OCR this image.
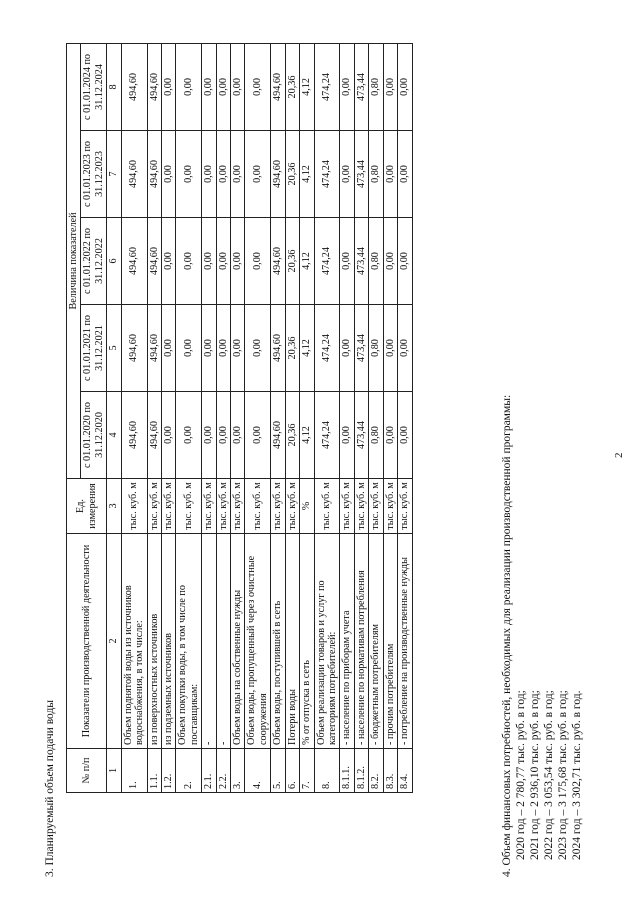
2
3. Планируемый объем подачи воды № п/п	Показатели производственной деятельности	Ед. измерения	Величина показателей				
			с 01.01.2020 по 31.12.2020	с 01.01.2021 по 31.12.2021	с 01.01.2022 по 31.12.2022	с 01.01.2023 по 31.12.2023	с 01.01.2024 по 31.12.2024
1	2	3	4	5	6	7	8
1.	Объем поднятой воды из источников водоснабжения, в том числе:	тыс. куб. м	494,60	494,60	494,60	494,60	494,60
1.1.	из поверхностных источников	тыс. куб. м	494,60	494,60	494,60	494,60	494,60
1.2.	из подземных источников	тыс. куб. м	0,00	0,00	0,00	0,00	0,00
2.	Объем покупки воды, в том числе по поставщикам:	тыс. куб. м	0,00	0,00	0,00	0,00	0,00
2.1.	-	тыс. куб. м	0,00	0,00	0,00	0,00	0,00
2.2.	-	тыс. куб. м	0,00	0,00	0,00	0,00	0,00
3.	Объем воды на собственные нужды	тыс. куб. м	0,00	0,00	0,00	0,00	0,00
4.	Объем воды, пропущенный через очистные сооружения	тыс. куб. м	0,00	0,00	0,00	0,00	0,00
5.	Объем воды, поступившей в сеть	тыс. куб. м	494,60	494,60	494,60	494,60	494,60
6.	Потери воды	тыс. куб. м	20,36	20,36	20,36	20,36	20,36
7.	% от отпуска в сеть	%	4,12	4,12	4,12	4,12	4,12
8.	Объем реализации товаров и услуг по категориям потребителей:	тыс. куб. м	474,24	474,24	474,24	474,24	474,24
8.1.1.	- население по приборам учета	тыс. куб. м	0,00	0,00	0,00	0,00	0,00
8.1.2.	- население по нормативам потребления	тыс. куб. м	473,44	473,44	473,44	473,44	473,44
8.2.	- бюджетным потребителям	тыс. куб. м	0,80	0,80	0,80	0,80	0,80
8.3.	- прочим потребителям	тыс. куб. м	0,00	0,00	0,00	0,00	0,00
8.4.	- потребление на производственные нужды	тыс. куб. м	0,00	0,00	0,00	0,00	0,00
4. Объем финансовых потребностей, необходимых для реализации производственной программы: 2020 год – 2 780,77 тыс. руб. в год; 2021 год – 2 936,10 тыс. руб. в год; 2022 год – 3 053,54 тыс. руб. в год; 2023 год – 3 175,68 тыс. руб. в год; 2024 год – 3 302,71 тыс. руб. в год.
